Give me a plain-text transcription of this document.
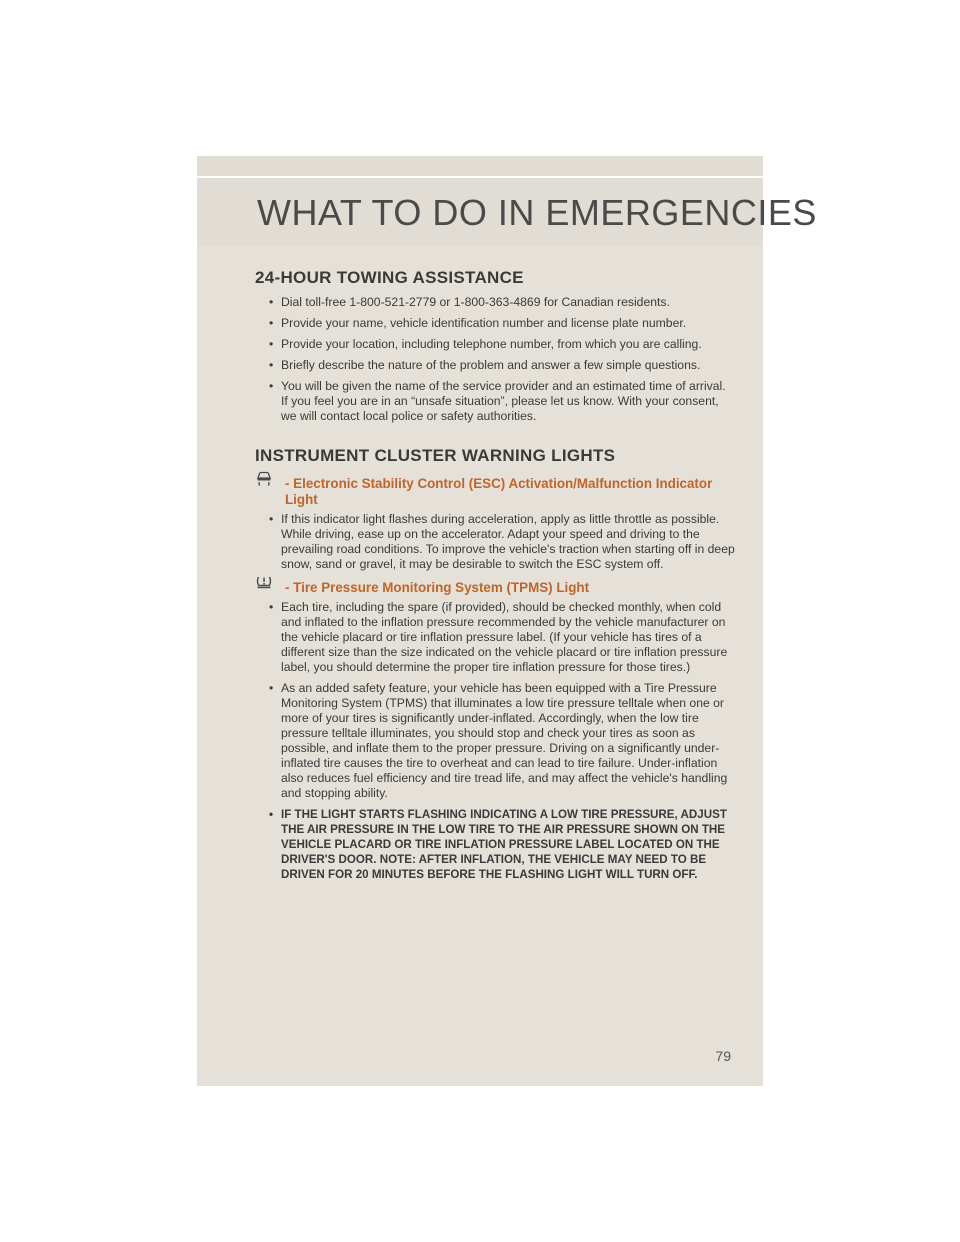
WHAT TO DO IN EMERGENCIES
24-HOUR TOWING ASSISTANCE
• Dial toll-free 1-800-521-2779 or 1-800-363-4869 for Canadian residents.
• Provide your name, vehicle identification number and license plate number.
• Provide your location, including telephone number, from which you are calling.
• Briefly describe the nature of the problem and answer a few simple questions.
• You will be given the name of the service provider and an estimated time of arrival. If you feel you are in an “unsafe situation”, please let us know. With your consent, we will contact local police or safety authorities.
INSTRUMENT CLUSTER WARNING LIGHTS
- Electronic Stability Control (ESC) Activation/Malfunction Indicator Light
• If this indicator light flashes during acceleration, apply as little throttle as possible. While driving, ease up on the accelerator. Adapt your speed and driving to the prevailing road conditions. To improve the vehicle's traction when starting off in deep snow, sand or gravel, it may be desirable to switch the ESC system off.
- Tire Pressure Monitoring System (TPMS) Light
• Each tire, including the spare (if provided), should be checked monthly, when cold and inflated to the inflation pressure recommended by the vehicle manufacturer on the vehicle placard or tire inflation pressure label. (If your vehicle has tires of a different size than the size indicated on the vehicle placard or tire inflation pressure label, you should determine the proper tire inflation pressure for those tires.)
• As an added safety feature, your vehicle has been equipped with a Tire Pressure Monitoring System (TPMS) that illuminates a low tire pressure telltale when one or more of your tires is significantly under-inflated. Accordingly, when the low tire pressure telltale illuminates, you should stop and check your tires as soon as possible, and inflate them to the proper pressure. Driving on a significantly under-inflated tire causes the tire to overheat and can lead to tire failure. Under-inflation also reduces fuel efficiency and tire tread life, and may affect the vehicle's handling and stopping ability.
• IF THE LIGHT STARTS FLASHING INDICATING A LOW TIRE PRESSURE, ADJUST THE AIR PRESSURE IN THE LOW TIRE TO THE AIR PRESSURE SHOWN ON THE VEHICLE PLACARD OR TIRE INFLATION PRESSURE LABEL LOCATED ON THE DRIVER'S DOOR. NOTE: AFTER INFLATION, THE VEHICLE MAY NEED TO BE DRIVEN FOR 20 MINUTES BEFORE THE FLASHING LIGHT WILL TURN OFF.
79
